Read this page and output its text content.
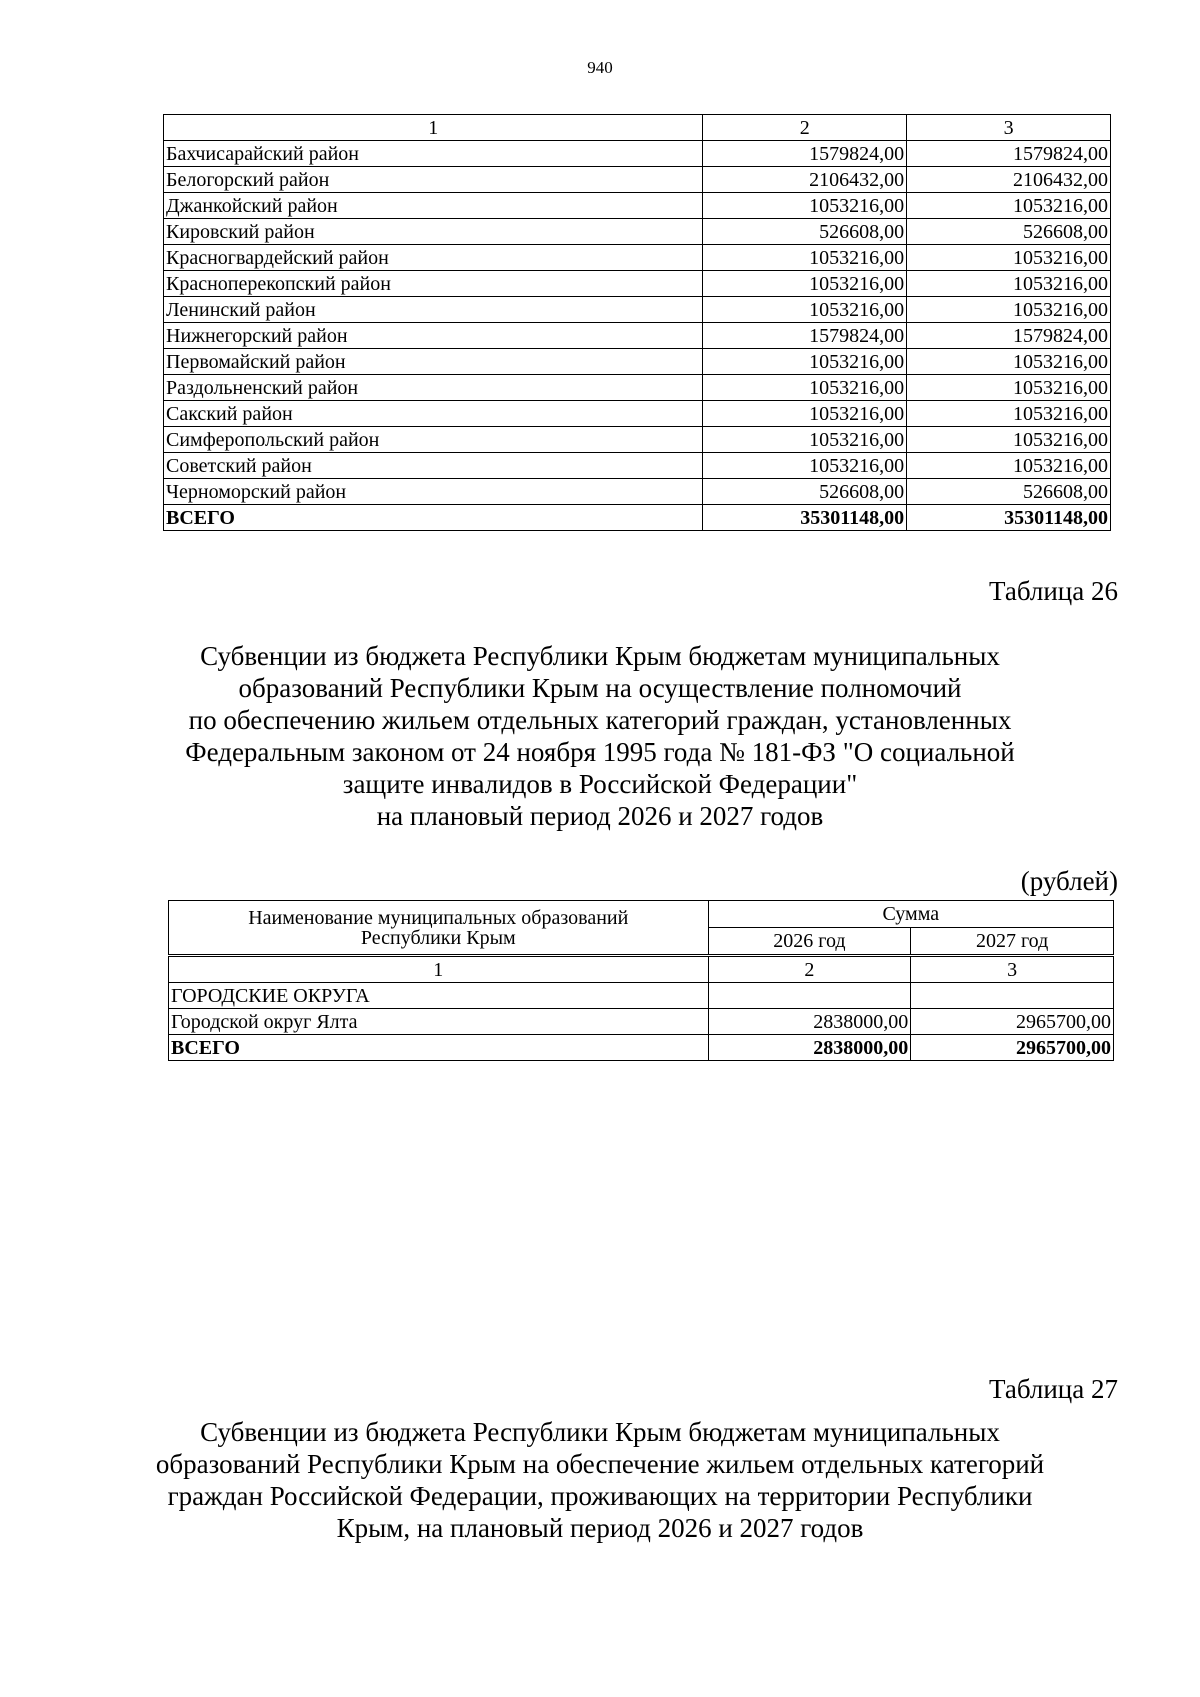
940
1	2	3
Бахчисарайский район	1579824,00	1579824,00
Белогорский район	2106432,00	2106432,00
Джанкойский район	1053216,00	1053216,00
Кировский район	526608,00	526608,00
Красногвардейский район	1053216,00	1053216,00
Красноперекопский район	1053216,00	1053216,00
Ленинский район	1053216,00	1053216,00
Нижнегорский район	1579824,00	1579824,00
Первомайский район	1053216,00	1053216,00
Раздольненский район	1053216,00	1053216,00
Сакский район	1053216,00	1053216,00
Симферопольский район	1053216,00	1053216,00
Советский район	1053216,00	1053216,00
Черноморский район	526608,00	526608,00
ВСЕГО	35301148,00	35301148,00
Таблица 26
Субвенции из бюджета Республики Крым бюджетам муниципальных
образований Республики Крым на осуществление полномочий
по обеспечению жильем отдельных категорий граждан, установленных
Федеральным законом от 24 ноября 1995 года № 181-ФЗ "О социальной
защите инвалидов в Российской Федерации"
на плановый период 2026 и 2027 годов
(рублей)
Наименование муниципальных образований
Республики Крым	Сумма	
	2026 год	2027 год

1	2	3
ГОРОДСКИЕ ОКРУГА		
Городской округ Ялта	2838000,00	2965700,00
ВСЕГО	2838000,00	2965700,00
Таблица 27
Субвенции из бюджета Республики Крым бюджетам муниципальных
образований Республики Крым на обеспечение жильем отдельных категорий
граждан Российской Федерации, проживающих на территории Республики
Крым, на плановый период 2026 и 2027 годов
